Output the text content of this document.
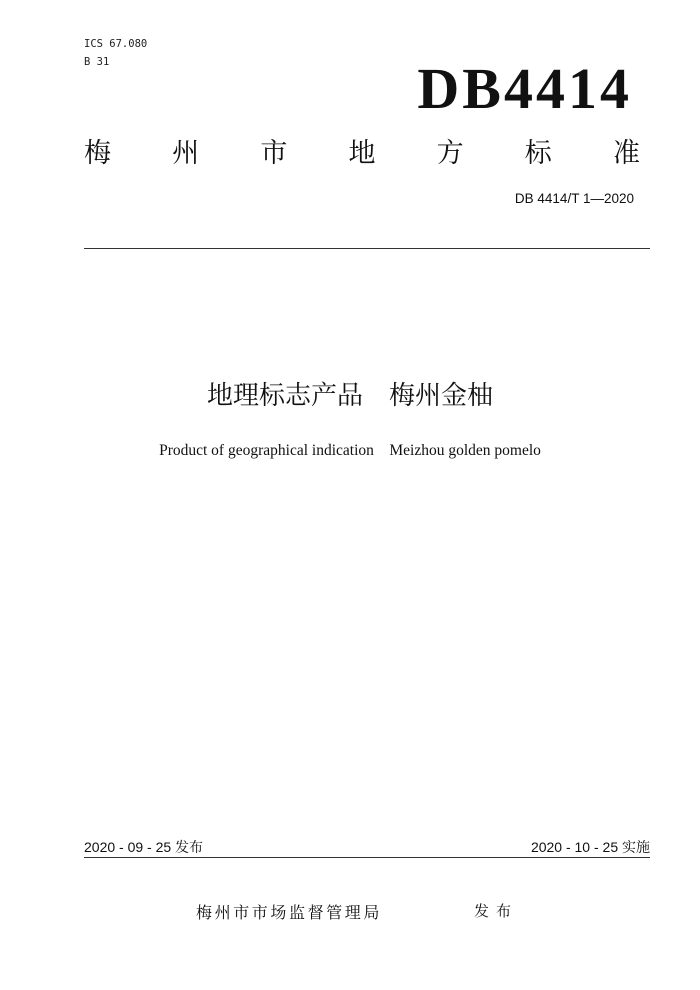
ICS 67.080
B 31	DB4414
梅 州 市 地 方 标 准
DB 4414/T 1—2020
地理标志产品　梅州金柚
Product of geographical indication    Meizhou golden pomelo
2020 - 09 - 25 发布	2020 - 10 - 25 实施
梅州市市场监督管理局	发布
